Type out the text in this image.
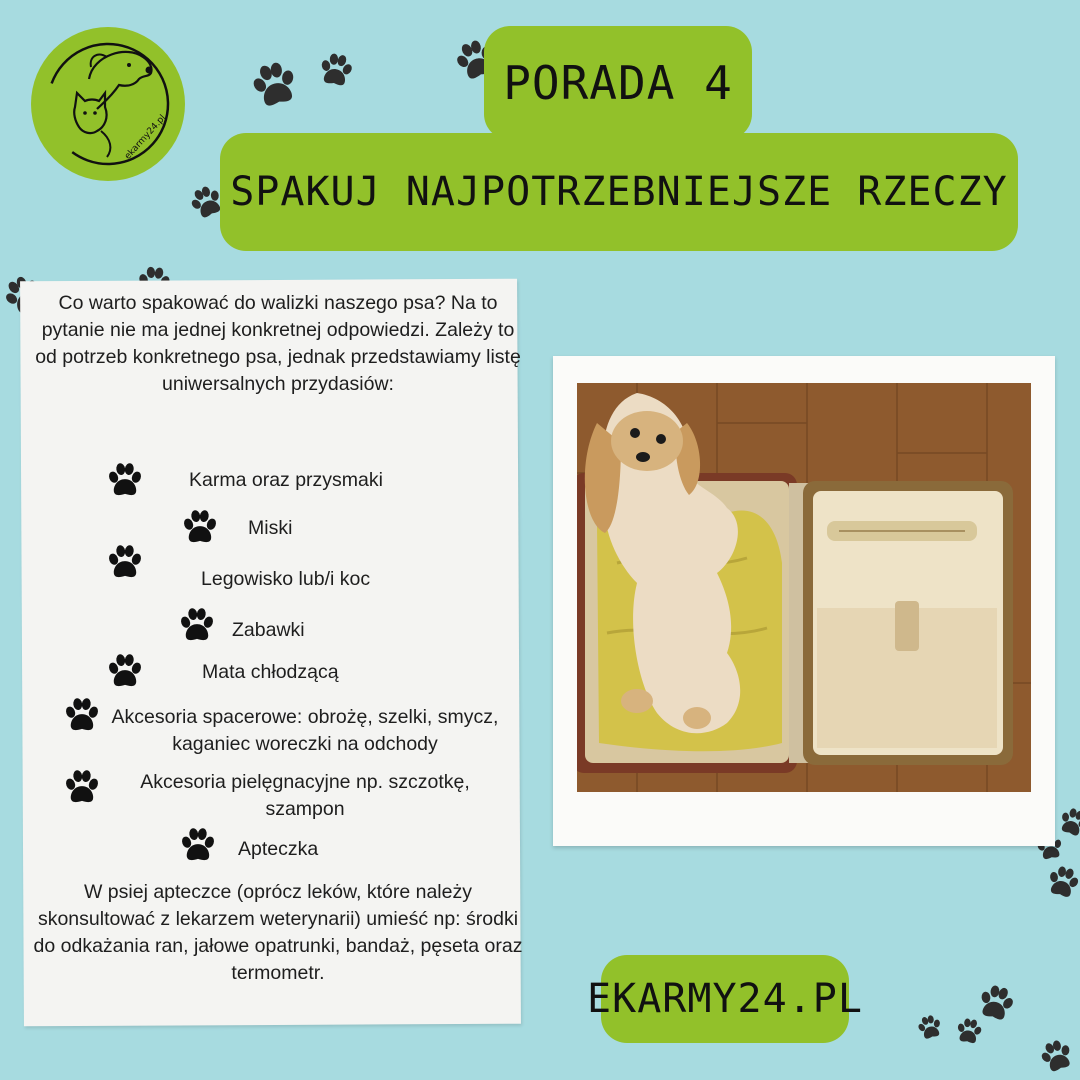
ekarmy24.pl
PORADA 4
SPAKUJ NAJPOTRZEBNIEJSZE RZECZY
Co warto spakować do walizki naszego psa? Na to pytanie nie ma jednej konkretnej odpowiedzi. Zależy to od potrzeb konkretnego psa, jednak przedstawiamy listę uniwersalnych przydasiów:
Karma oraz przysmaki
Miski
Legowisko lub/i koc
Zabawki
Mata chłodzącą
Akcesoria spacerowe: obrożę, szelki, smycz, kaganiec woreczki na odchody
Akcesoria pielęgnacyjne np. szczotkę, szampon
Apteczka
W psiej apteczce (oprócz leków, które należy skonsultować z lekarzem weterynarii) umieść np: środki do odkażania ran, jałowe opatrunki, bandaż, pęseta oraz termometr.
EKARMY24.PL
